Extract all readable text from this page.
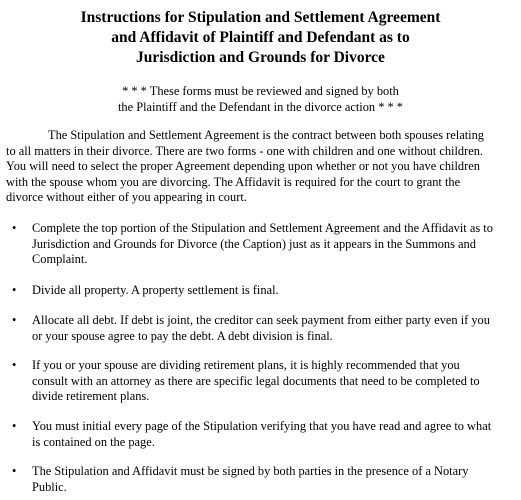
Instructions for Stipulation and Settlement Agreement
and Affidavit of Plaintiff and Defendant as to
Jurisdiction and Grounds for Divorce
* * * These forms must be reviewed and signed by both
the Plaintiff and the Defendant in the divorce action * * *
The Stipulation and Settlement Agreement is the contract between both spouses relating
to all matters in their divorce. There are two forms - one with children and one without children.
You will need to select the proper Agreement depending upon whether or not you have children
with the spouse whom you are divorcing. The Affidavit is required for the court to grant the
divorce without either of you appearing in court.
• Complete the top portion of the Stipulation and Settlement Agreement and the Affidavit as to
Jurisdiction and Grounds for Divorce (the Caption) just as it appears in the Summons and
Complaint.
• Divide all property. A property settlement is final.
• Allocate all debt. If debt is joint, the creditor can seek payment from either party even if you
or your spouse agree to pay the debt. A debt division is final.
• If you or your spouse are dividing retirement plans, it is highly recommended that you
consult with an attorney as there are specific legal documents that need to be completed to
divide retirement plans.
• You must initial every page of the Stipulation verifying that you have read and agree to what
is contained on the page.
• The Stipulation and Affidavit must be signed by both parties in the presence of a Notary
Public.
